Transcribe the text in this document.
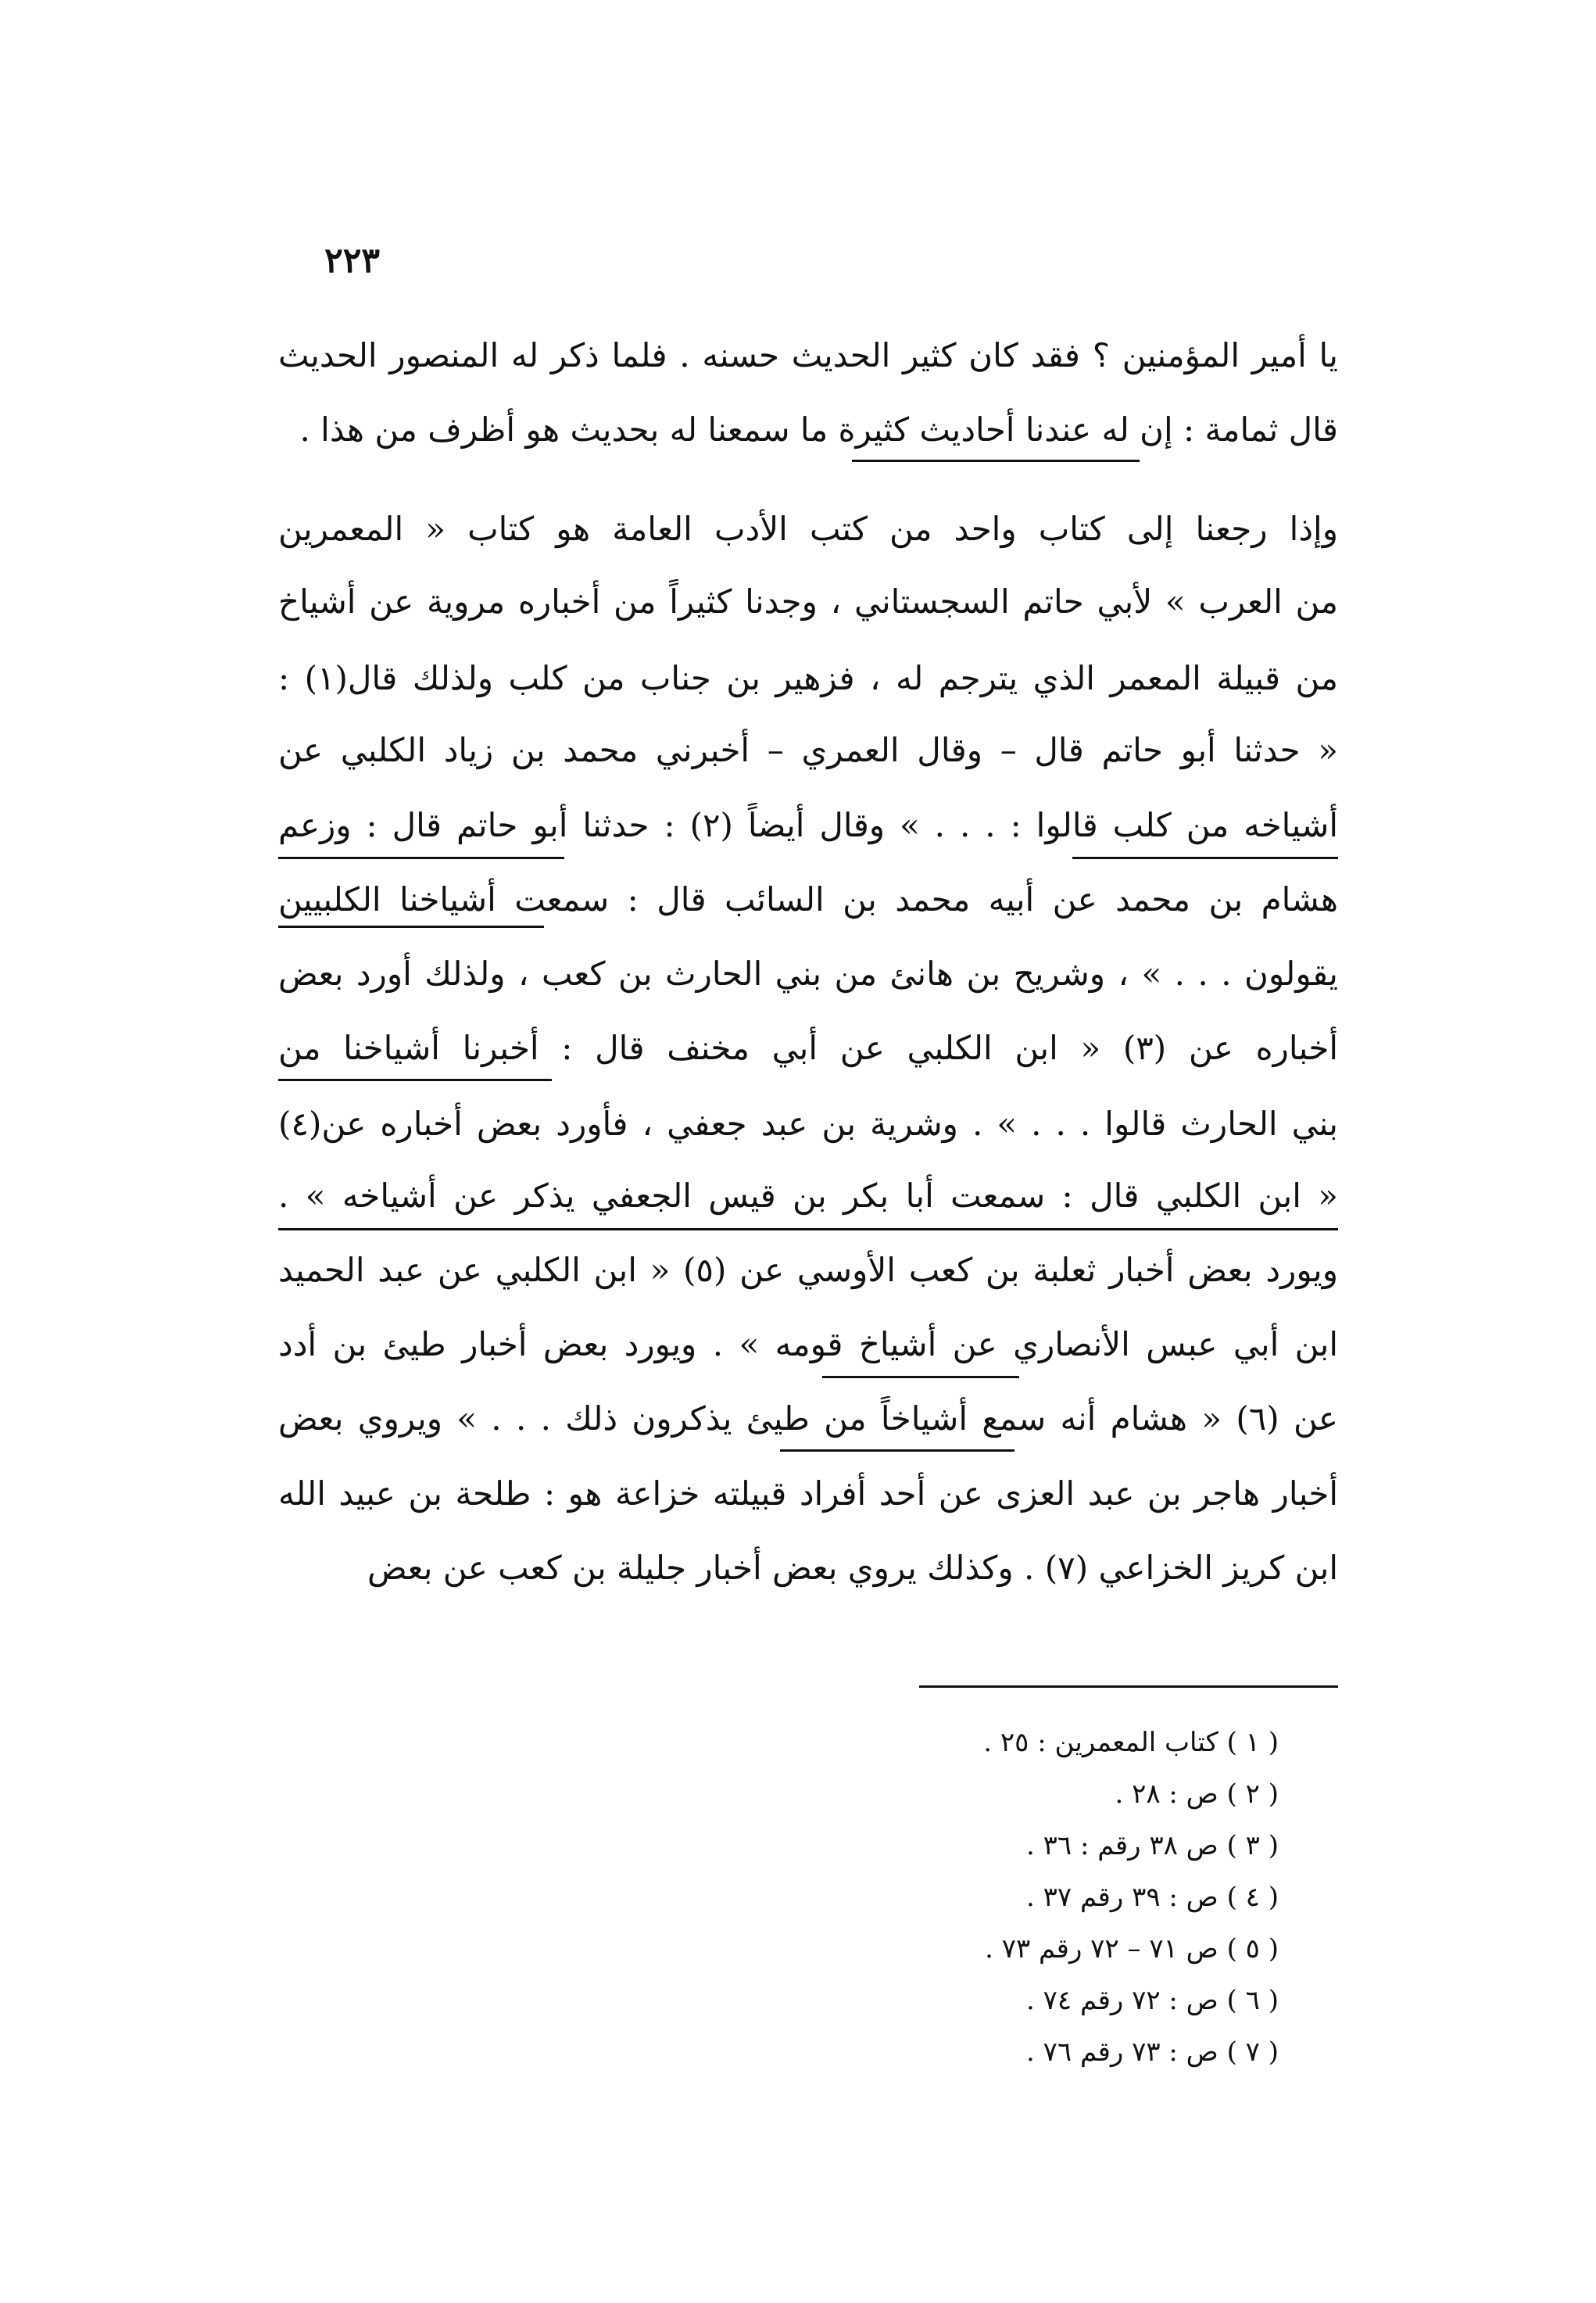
٢٢٣
يا أمير المؤمنين ؟ فقد كان كثير الحديث حسنه . فلما ذكر له المنصور الحديث
قال ثمامة : إن له عندنا أحاديث كثيرة ما سمعنا له بحديث هو أظرف من هذا .
وإذا رجعنا إلى كتاب واحد من كتب الأدب العامة هو كتاب « المعمرين
من العرب » لأبي حاتم السجستاني ، وجدنا كثيراً من أخباره مروية عن أشياخ
من قبيلة المعمر الذي يترجم له ، فزهير بن جناب من كلب ولذلك قال(١) :
« حدثنا أبو حاتم قال – وقال العمري – أخبرني محمد بن زياد الكلبي عن
أشياخه من كلب قالوا : . . . » وقال أيضاً (٢) : حدثنا أبو حاتم قال : وزعم
هشام بن محمد عن أبيه محمد بن السائب قال : سمعت أشياخنا الكلبيين
يقولون . . . » ، وشريح بن هانئ من بني الحارث بن كعب ، ولذلك أورد بعض
أخباره عن (٣) « ابن الكلبي عن أبي مخنف قال : أخبرنا أشياخنا من
بني الحارث قالوا . . . » . وشرية بن عبد جعفي ، فأورد بعض أخباره عن(٤)
« ابن الكلبي قال : سمعت أبا بكر بن قيس الجعفي يذكر عن أشياخه » .
ويورد بعض أخبار ثعلبة بن كعب الأوسي عن (٥) « ابن الكلبي عن عبد الحميد
ابن أبي عبس الأنصاري عن أشياخ قومه » . ويورد بعض أخبار طيئ بن أدد
عن (٦) « هشام أنه سمع أشياخاً من طيئ يذكرون ذلك . . . » ويروي بعض
أخبار هاجر بن عبد العزى عن أحد أفراد قبيلته خزاعة هو : طلحة بن عبيد الله
ابن كريز الخزاعي (٧) . وكذلك يروي بعض أخبار جليلة بن كعب عن بعض
( ١ ) كتاب المعمرين : ٢٥ .
( ٢ ) ص : ٢٨ .
( ٣ ) ص ٣٨ رقم : ٣٦ .
( ٤ ) ص : ٣٩ رقم ٣٧ .
( ٥ ) ص ٧١ – ٧٢ رقم ٧٣ .
( ٦ ) ص : ٧٢ رقم ٧٤ .
( ٧ ) ص : ٧٣ رقم ٧٦ .
